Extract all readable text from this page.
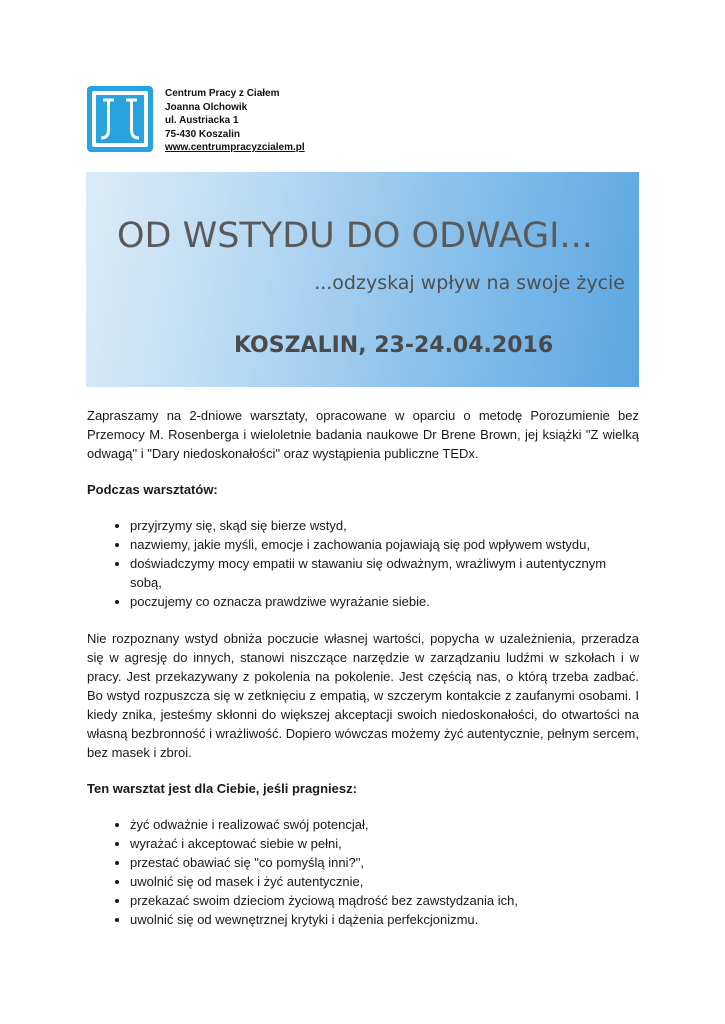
Centrum Pracy z Ciałem
Joanna Olchowik
ul. Austriacka 1
75-430 Koszalin
www.centrumpracyzcialem.pl
OD WSTYDU DO ODWAGI...
...odzyskaj wpływ na swoje życie
KOSZALIN, 23-24.04.2016

Zapraszamy na 2-dniowe warsztaty, opracowane w oparciu o metodę Porozumienie bez Przemocy M. Rosenberga i wieloletnie badania naukowe Dr Brene Brown, jej książki "Z wielką odwagą" i "Dary niedoskonałości" oraz wystąpienia publiczne TEDx.

Podczas warsztatów:
• przyjrzymy się, skąd się bierze wstyd,
• nazwiemy, jakie myśli, emocje i zachowania pojawiają się pod wpływem wstydu,
• doświadczymy mocy empatii w stawaniu się odważnym, wrażliwym i autentycznym sobą,
• poczujemy co oznacza prawdziwe wyrażanie siebie.

Nie rozpoznany wstyd obniża poczucie własnej wartości, popycha w uzależnienia, przeradza się w agresję do innych, stanowi niszczące narzędzie w zarządzaniu ludźmi w szkołach i w pracy. Jest przekazywany z pokolenia na pokolenie. Jest częścią nas, o którą trzeba zadbać. Bo wstyd rozpuszcza się w zetknięciu z empatią, w szczerym kontakcie z zaufanymi osobami. I kiedy znika, jesteśmy skłonni do większej akceptacji swoich niedoskonałości, do otwartości na własną bezbronność i wrażliwość. Dopiero wówczas możemy żyć autentycznie, pełnym sercem, bez masek i zbroi.

Ten warsztat jest dla Ciebie, jeśli pragniesz:
• żyć odważnie i realizować swój potencjał,
• wyrażać i akceptować siebie w pełni,
• przestać obawiać się "co pomyślą inni?",
• uwolnić się od masek i żyć autentycznie,
• przekazać swoim dzieciom życiową mądrość bez zawstydzania ich,
• uwolnić się od wewnętrznej krytyki i dążenia perfekcjonizmu.
